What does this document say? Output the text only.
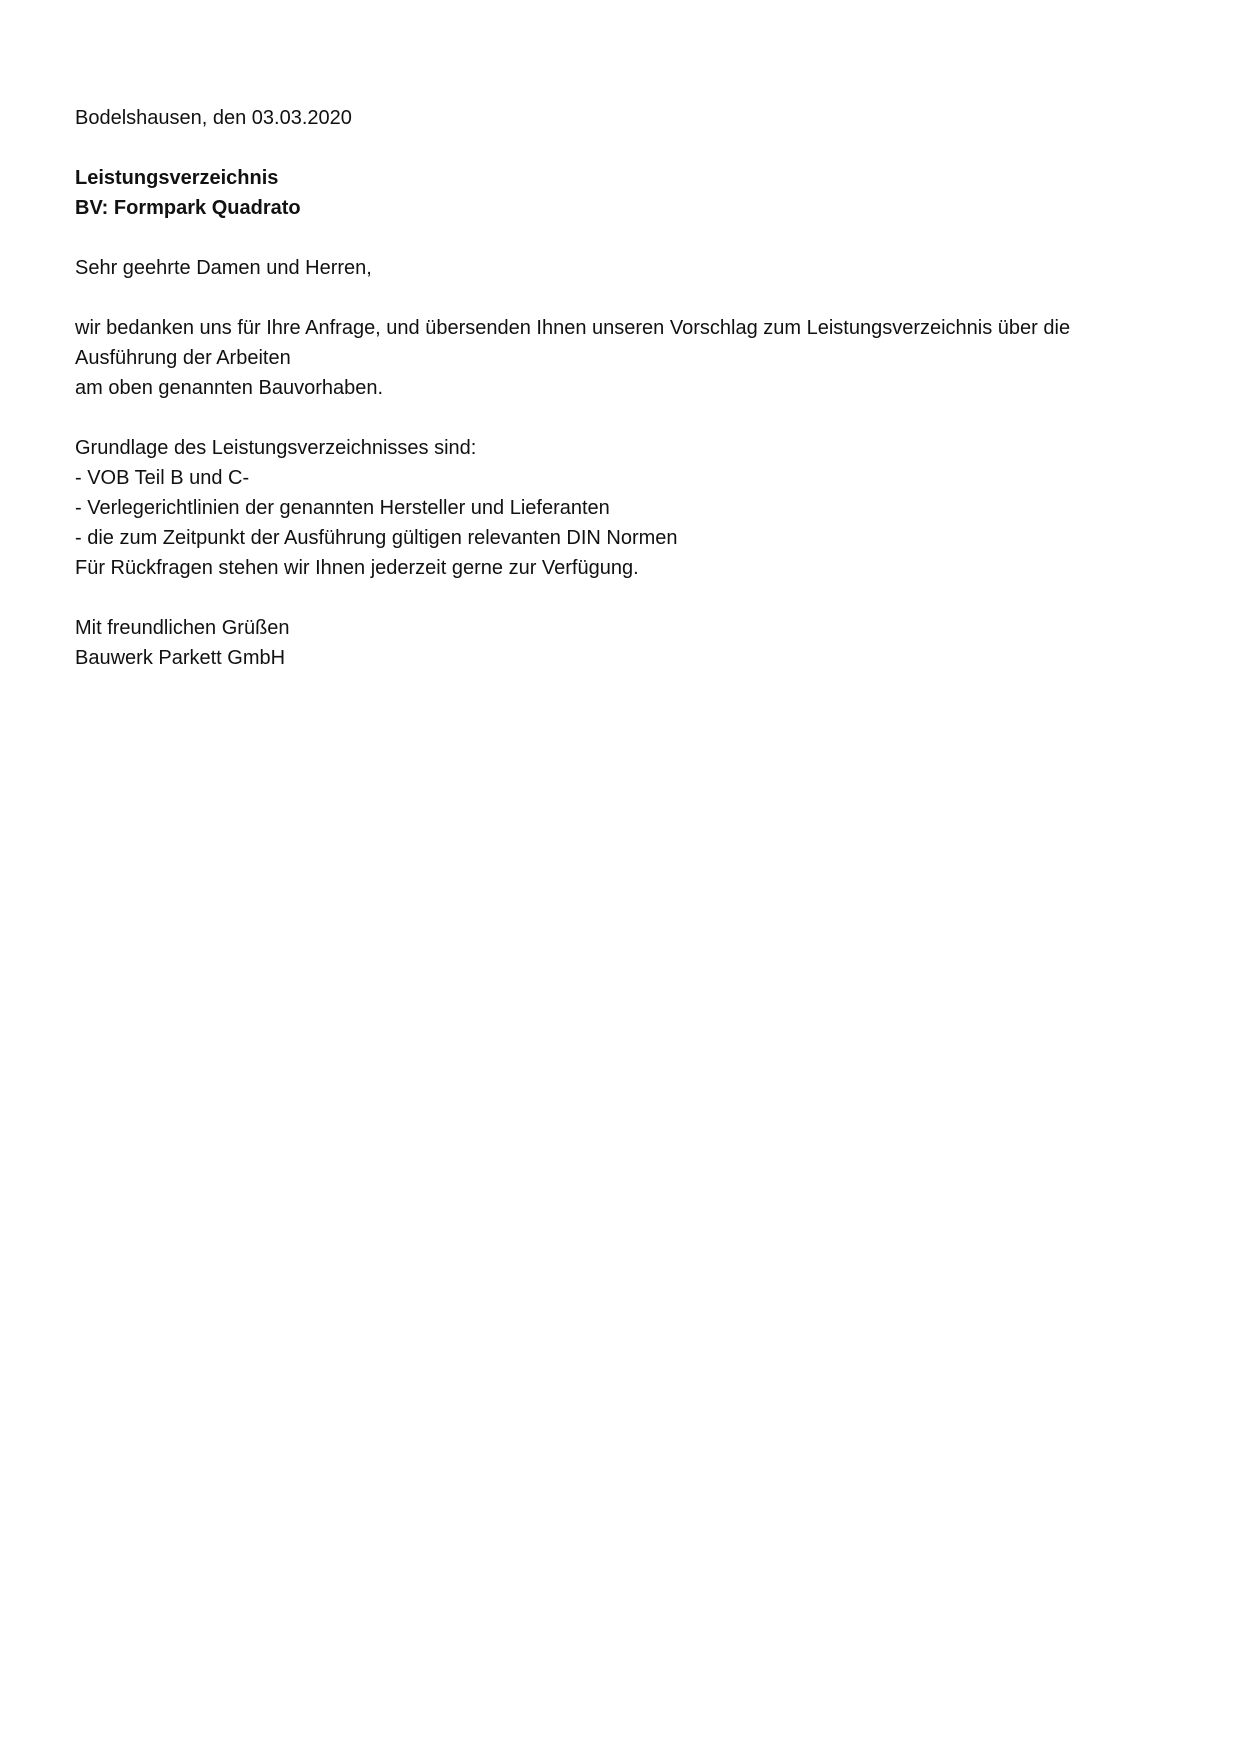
Bodelshausen, den 03.03.2020
Leistungsverzeichnis
BV: Formpark Quadrato
Sehr geehrte Damen und Herren,
wir bedanken uns für Ihre Anfrage, und übersenden Ihnen unseren Vorschlag zum Leistungsverzeichnis über die
Ausführung der Arbeiten
am oben genannten Bauvorhaben.
Grundlage des Leistungsverzeichnisses sind:
- VOB Teil B und C-
- Verlegerichtlinien der genannten Hersteller und Lieferanten
- die zum Zeitpunkt der Ausführung gültigen relevanten DIN Normen
Für Rückfragen stehen wir Ihnen jederzeit gerne zur Verfügung.
Mit freundlichen Grüßen
Bauwerk Parkett GmbH
